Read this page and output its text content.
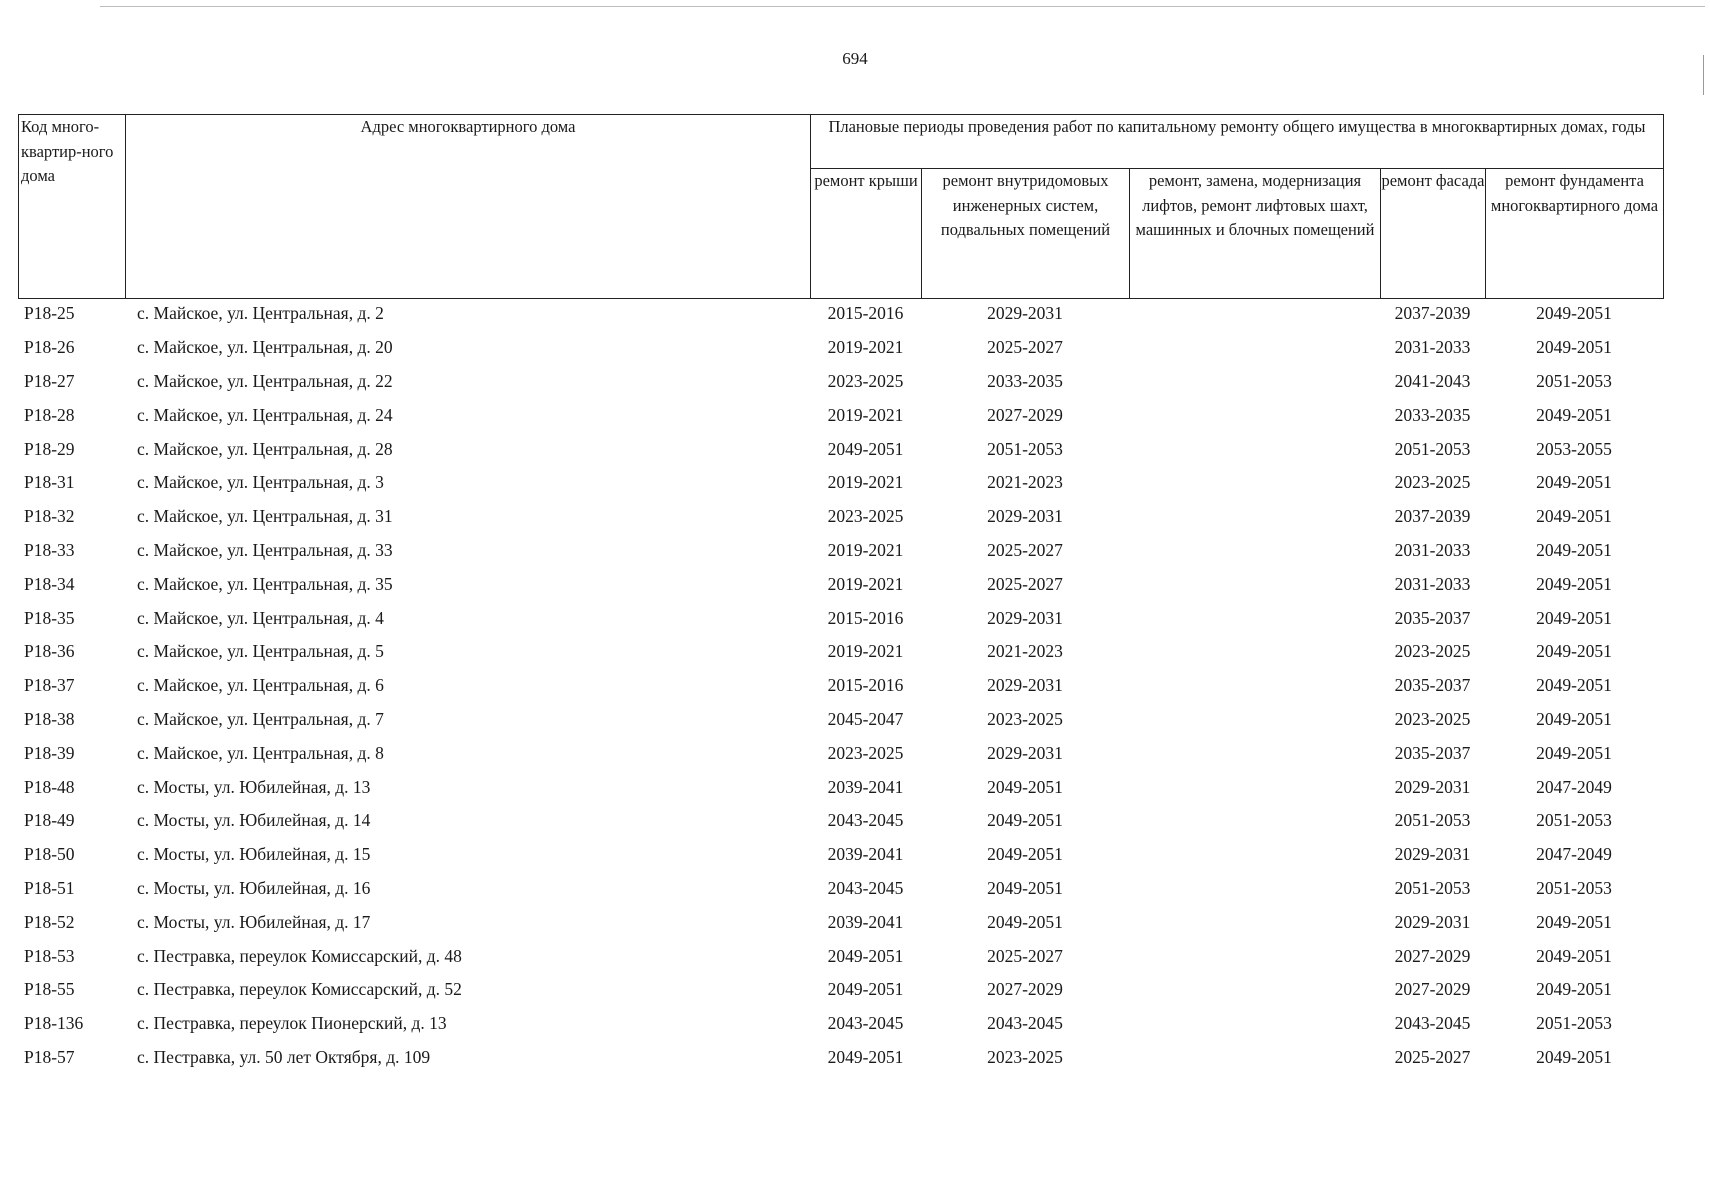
694
Код много-квартир-ного дома	Адрес многоквартирного дома	Плановые периоды проведения работ по капитальному ремонту общего имущества в многоквартирных домах, годы				
		ремонт крыши	ремонт внутридомовых инженерных систем, подвальных помещений	ремонт, замена, модернизация лифтов, ремонт лифтовых шахт, машинных и блочных помещений	ремонт фасада	ремонт фундамента многоквартирного дома
P18-25	с. Майское, ул. Центральная, д. 2	2015-2016	2029-2031		2037-2039	2049-2051
P18-26	с. Майское, ул. Центральная, д. 20	2019-2021	2025-2027		2031-2033	2049-2051
P18-27	с. Майское, ул. Центральная, д. 22	2023-2025	2033-2035		2041-2043	2051-2053
P18-28	с. Майское, ул. Центральная, д. 24	2019-2021	2027-2029		2033-2035	2049-2051
P18-29	с. Майское, ул. Центральная, д. 28	2049-2051	2051-2053		2051-2053	2053-2055
P18-31	с. Майское, ул. Центральная, д. 3	2019-2021	2021-2023		2023-2025	2049-2051
P18-32	с. Майское, ул. Центральная, д. 31	2023-2025	2029-2031		2037-2039	2049-2051
P18-33	с. Майское, ул. Центральная, д. 33	2019-2021	2025-2027		2031-2033	2049-2051
P18-34	с. Майское, ул. Центральная, д. 35	2019-2021	2025-2027		2031-2033	2049-2051
P18-35	с. Майское, ул. Центральная, д. 4	2015-2016	2029-2031		2035-2037	2049-2051
P18-36	с. Майское, ул. Центральная, д. 5	2019-2021	2021-2023		2023-2025	2049-2051
P18-37	с. Майское, ул. Центральная, д. 6	2015-2016	2029-2031		2035-2037	2049-2051
P18-38	с. Майское, ул. Центральная, д. 7	2045-2047	2023-2025		2023-2025	2049-2051
P18-39	с. Майское, ул. Центральная, д. 8	2023-2025	2029-2031		2035-2037	2049-2051
P18-48	с. Мосты, ул. Юбилейная, д. 13	2039-2041	2049-2051		2029-2031	2047-2049
P18-49	с. Мосты, ул. Юбилейная, д. 14	2043-2045	2049-2051		2051-2053	2051-2053
P18-50	с. Мосты, ул. Юбилейная, д. 15	2039-2041	2049-2051		2029-2031	2047-2049
P18-51	с. Мосты, ул. Юбилейная, д. 16	2043-2045	2049-2051		2051-2053	2051-2053
P18-52	с. Мосты, ул. Юбилейная, д. 17	2039-2041	2049-2051		2029-2031	2049-2051
P18-53	с. Пестравка, переулок Комиссарский, д. 48	2049-2051	2025-2027		2027-2029	2049-2051
P18-55	с. Пестравка, переулок Комиссарский, д. 52	2049-2051	2027-2029		2027-2029	2049-2051
P18-136	с. Пестравка, переулок Пионерский, д. 13	2043-2045	2043-2045		2043-2045	2051-2053
P18-57	с. Пестравка, ул. 50 лет Октября, д. 109	2049-2051	2023-2025		2025-2027	2049-2051
